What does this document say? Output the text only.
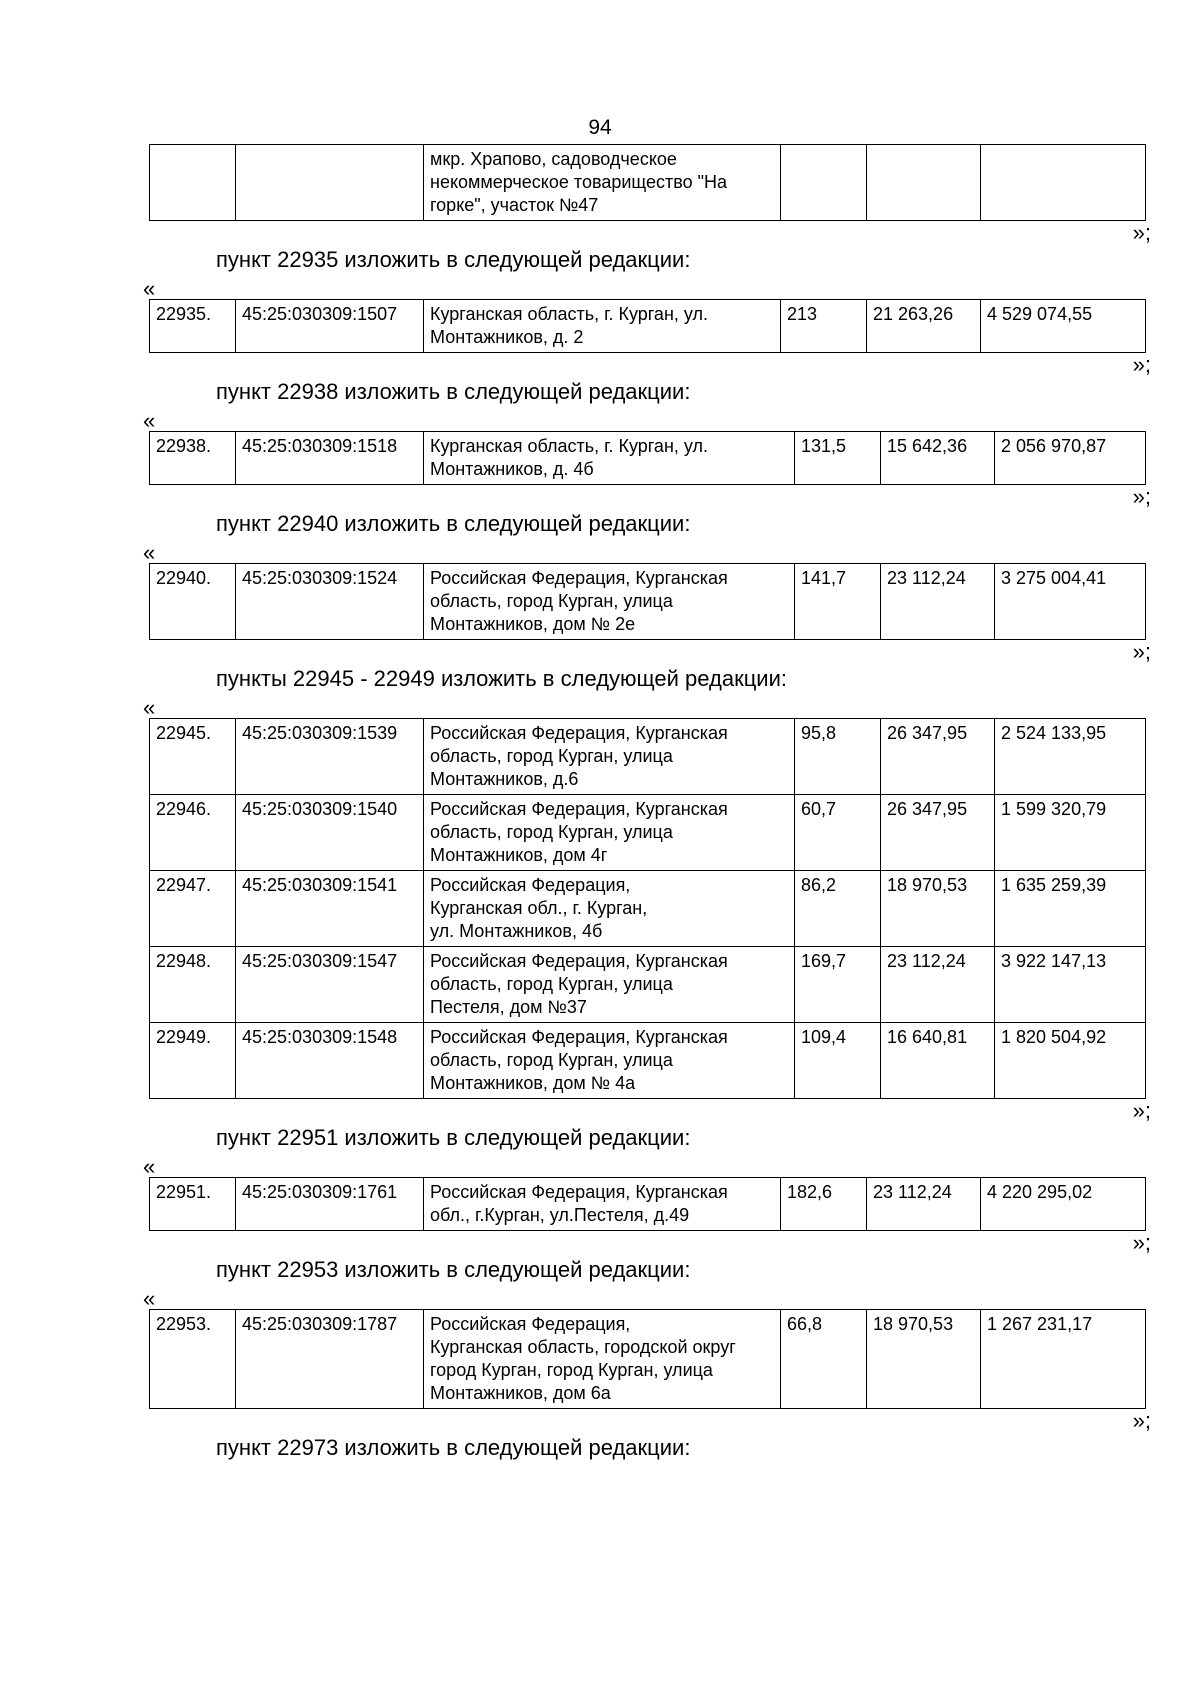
94
		мкр. Храпово, садоводческое
некоммерческое товарищество "На
горке", участок №47			
»;
пункт 22935 изложить в следующей редакции:
«
22935.	45:25:030309:1507	Курганская область, г. Курган, ул.
Монтажников, д. 2	213	21 263,26	4 529 074,55
»;
пункт 22938 изложить в следующей редакции:
«
22938.	45:25:030309:1518	Курганская область, г. Курган, ул.
Монтажников, д. 4б	131,5	15 642,36	2 056 970,87
»;
пункт 22940 изложить в следующей редакции:
«
22940.	45:25:030309:1524	Российская Федерация, Курганская
область, город Курган, улица
Монтажников, дом № 2е	141,7	23 112,24	3 275 004,41
»;
пункты 22945 - 22949 изложить в следующей редакции:
«
22945.	45:25:030309:1539	Российская Федерация, Курганская
область, город Курган, улица
Монтажников, д.6	95,8	26 347,95	2 524 133,95
22946.	45:25:030309:1540	Российская Федерация, Курганская
область, город Курган, улица
Монтажников, дом 4г	60,7	26 347,95	1 599 320,79
22947.	45:25:030309:1541	Российская Федерация,
Курганская обл., г. Курган,
ул. Монтажников, 4б	86,2	18 970,53	1 635 259,39
22948.	45:25:030309:1547	Российская Федерация, Курганская
область, город Курган, улица
Пестеля, дом №37	169,7	23 112,24	3 922 147,13
22949.	45:25:030309:1548	Российская Федерация, Курганская
область, город Курган, улица
Монтажников, дом № 4а	109,4	16 640,81	1 820 504,92
»;
пункт 22951 изложить в следующей редакции:
«
22951.	45:25:030309:1761	Российская Федерация, Курганская
обл., г.Курган, ул.Пестеля, д.49	182,6	23 112,24	4 220 295,02
»;
пункт 22953 изложить в следующей редакции:
«
22953.	45:25:030309:1787	Российская Федерация,
Курганская область, городской округ
город Курган, город Курган, улица
Монтажников, дом 6а	66,8	18 970,53	1 267 231,17
»;
пункт 22973 изложить в следующей редакции:
